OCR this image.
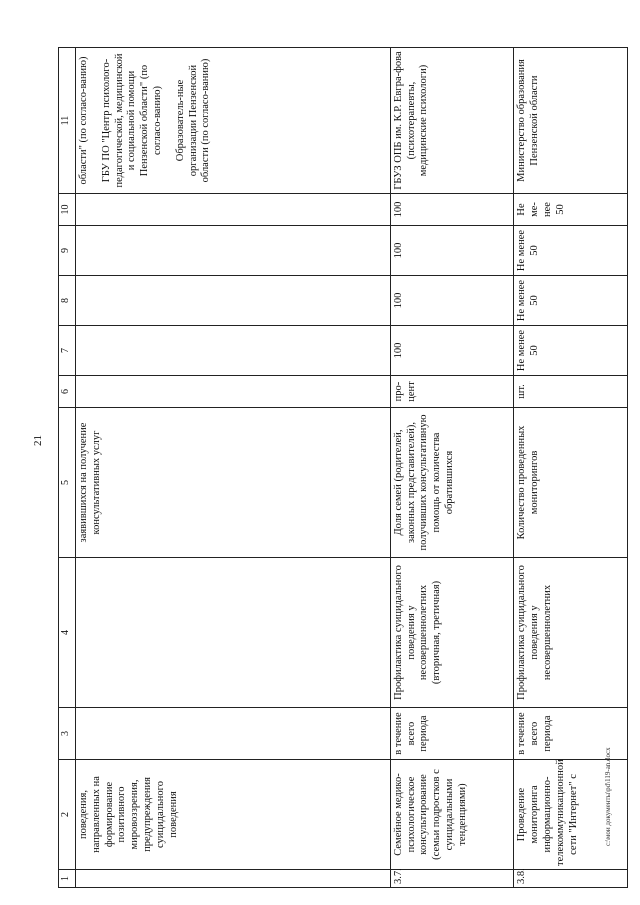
21
1	2	3	4	5	6	7	8	9	10	11
	поведения, направленных на формирование позитивного мировоззрения, предупреждения суицидального поведения			заявившихся на получение консультативных услуг						области" (по согласо-ванию) ГБУ ПО "Центр психолого-педагогической, медицинской и социальной помощи Пензенской области" (по согласо-ванию) Образователь-ные организации Пензенской области (по согласо-ванию)

3.7.	Семейное медико-психологическое консультирование (семьи подростков с суицидальными тенденциями)	в течение всего периода	Профилактика суицидального поведения у несовершеннолетних (вторичная, третичная)	Доля семей (родителей, законных представителей), получивших консультативную помощь от количества обратившихся	про-цент	100	100	100	100	ГБУЗ ОПБ им. К.Р. Евгра-фова (психотерапевты, медицинские психологи)

3.8.	Проведение мониторинга информационно-телекоммуникационной сети "Интернет" с	в течение всего периода	Профилактика суицидального поведения у несовершеннолетних	Количество проведенных мониторингов	шт.	Не менее 50	Не менее 50	Не менее 50	Не ме-нее 50	Министерство образования Пензенской области
c:\мои документы\pd\119-an.docx
